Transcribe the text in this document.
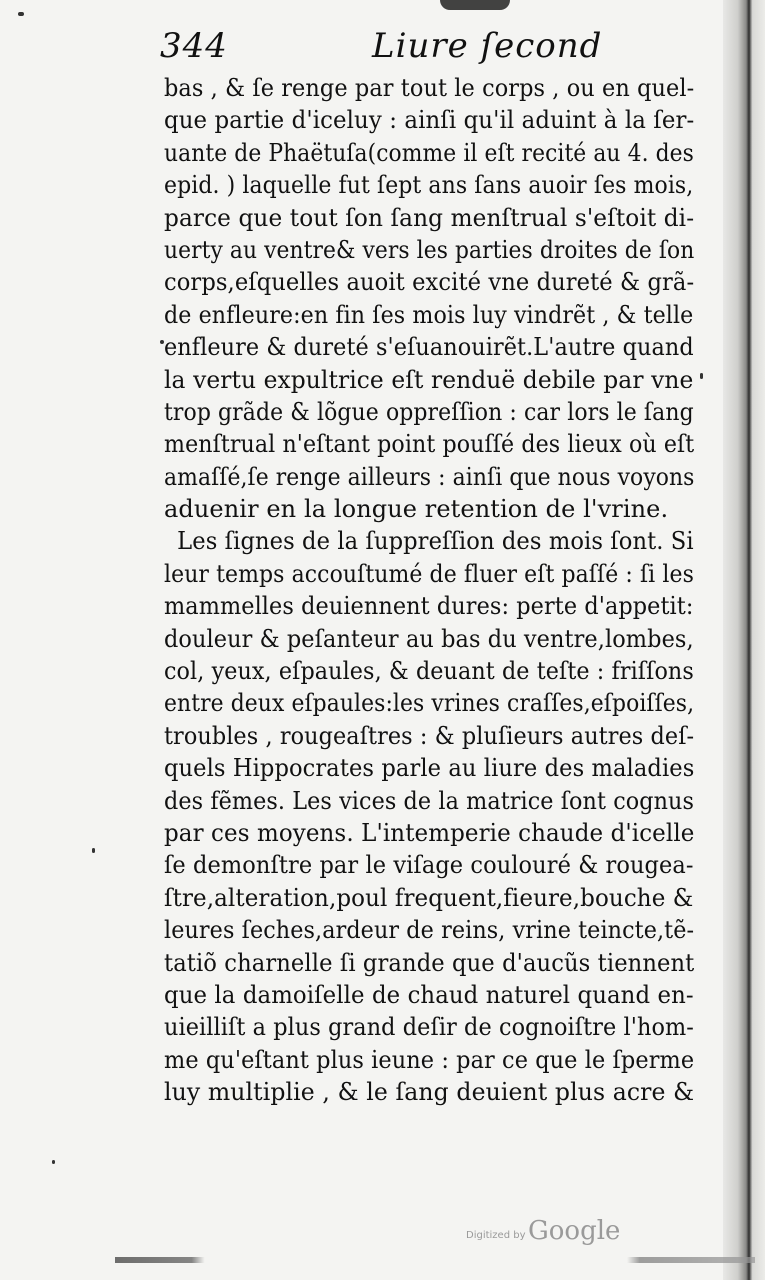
344	Liure ſecond
bas , & ſe renge par tout le corps , ou en quel-
que partie d'iceluy : ainſi qu'il aduint à la ſer-
uante de Phaëtuſa(comme il eſt recité au 4. des
epid. ) laquelle fut ſept ans ſans auoir ſes mois,
parce que tout ſon ſang menſtrual s'eſtoit di-
uerty au ventre& vers les parties droites de ſon
corps,eſquelles auoit excité vne dureté & grã-
de enfleure:en fin ſes mois luy vindrẽt , & telle
enfleure & dureté s'eſuanouirẽt.L'autre quand
la vertu expultrice eſt renduë debile par vne
trop grãde & lõgue oppreſſion : car lors le ſang
menſtrual n'eſtant point pouſſé des lieux où eſt
amaſſé,ſe renge ailleurs : ainſi que nous voyons
aduenir en la longue retention de l'vrine.
Les ſignes de la ſuppreſſion des mois ſont. Si
leur temps accouſtumé de fluer eſt paſſé : ſi les
mammelles deuiennent dures: perte d'appetit:
douleur & peſanteur au bas du ventre,lombes,
col, yeux, eſpaules, & deuant de teſte : friſſons
entre deux eſpaules:les vrines craſſes,eſpoiſſes,
troubles , rougeaſtres : & pluſieurs autres deſ-
quels Hippocrates parle au liure des maladies
des fẽmes. Les vices de la matrice ſont cognus
par ces moyens. L'intemperie chaude d'icelle
ſe demonſtre par le viſage coulouré & rougea-
ſtre,alteration,poul frequent,fieure,bouche &
leures ſeches,ardeur de reins, vrine teincte,tẽ-
tatiõ charnelle ſi grande que d'aucũs tiennent
que la damoiſelle de chaud naturel quand en-
uieilliſt a plus grand deſir de cognoiſtre l'hom-
me qu'eſtant plus ieune : par ce que le ſperme
luy multiplie , & le ſang deuient plus acre &
Digitized by Google
